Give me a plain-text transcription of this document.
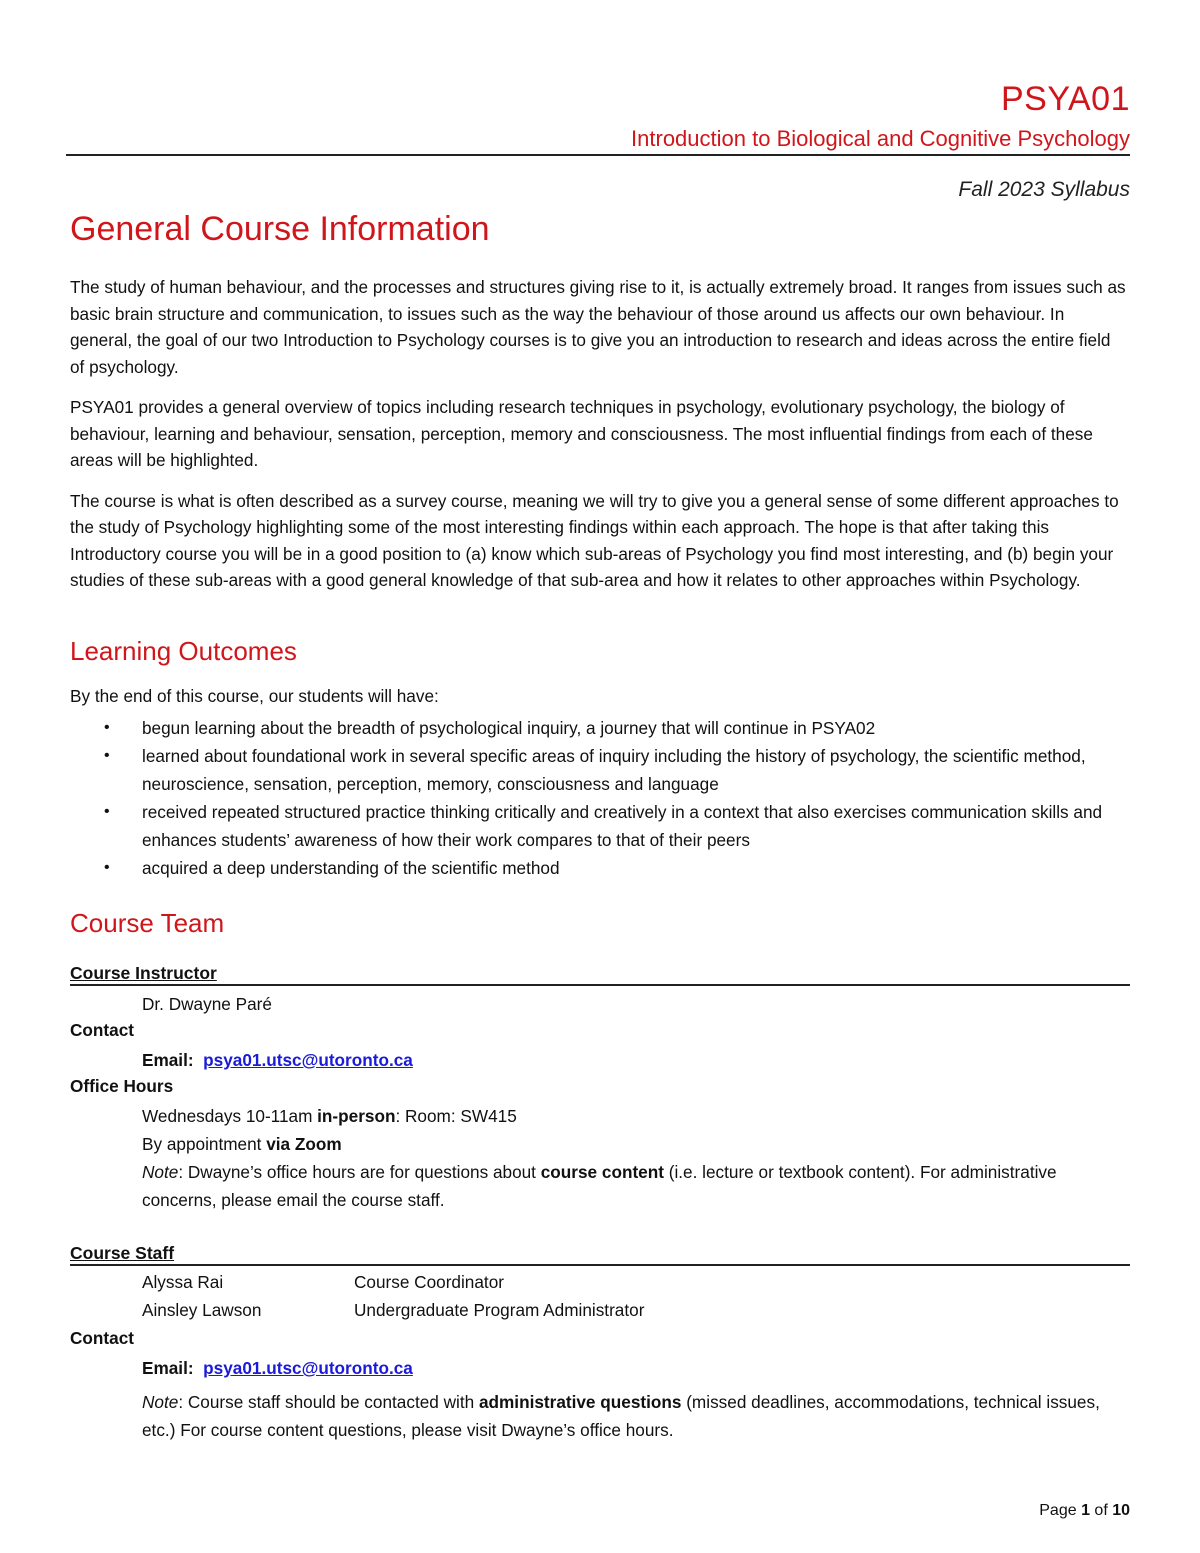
PSYA01
Introduction to Biological and Cognitive Psychology
Fall 2023 Syllabus
General Course Information

The study of human behaviour, and the processes and structures giving rise to it, is actually extremely broad. It ranges from issues such as basic brain structure and communication, to issues such as the way the behaviour of those around us affects our own behaviour. In general, the goal of our two Introduction to Psychology courses is to give you an introduction to research and ideas across the entire field of psychology.

PSYA01 provides a general overview of topics including research techniques in psychology, evolutionary psychology, the biology of behaviour, learning and behaviour, sensation, perception, memory and consciousness. The most influential findings from each of these areas will be highlighted.

The course is what is often described as a survey course, meaning we will try to give you a general sense of some different approaches to the study of Psychology highlighting some of the most interesting findings within each approach. The hope is that after taking this Introductory course you will be in a good position to (a) know which sub-areas of Psychology you find most interesting, and (b) begin your studies of these sub-areas with a good general knowledge of that sub-area and how it relates to other approaches within Psychology.

Learning Outcomes
By the end of this course, our students will have:
• begun learning about the breadth of psychological inquiry, a journey that will continue in PSYA02
• learned about foundational work in several specific areas of inquiry including the history of psychology, the scientific method, neuroscience, sensation, perception, memory, consciousness and language
• received repeated structured practice thinking critically and creatively in a context that also exercises communication skills and enhances students’ awareness of how their work compares to that of their peers
• acquired a deep understanding of the scientific method
Course Team
Course Instructor
Dr. Dwayne Paré
Contact
Email: psya01.utsc@utoronto.ca
Office Hours
Wednesdays 10-11am in-person: Room: SW415
By appointment via Zoom
Note: Dwayne’s office hours are for questions about course content (i.e. lecture or textbook content). For administrative concerns, please email the course staff.
Course Staff
Alyssa Rai	Course Coordinator
Ainsley Lawson	Undergraduate Program Administrator
Contact
Email: psya01.utsc@utoronto.ca
Note: Course staff should be contacted with administrative questions (missed deadlines, accommodations, technical issues, etc.) For course content questions, please visit Dwayne’s office hours.
Page 1 of 10
